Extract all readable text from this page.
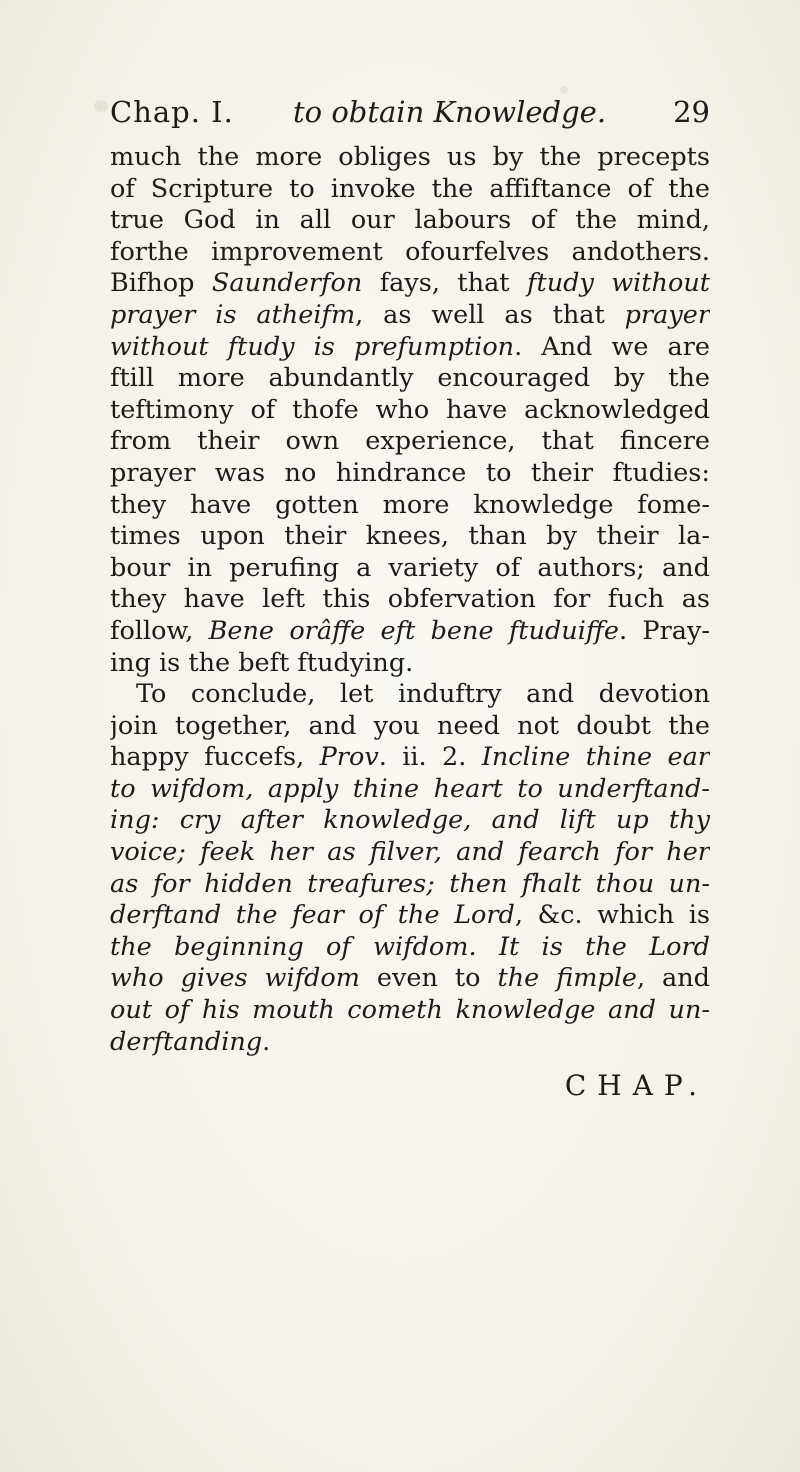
Chap. I. to obtain Knowledge. 29
much the more obliges us by the precepts
of Scripture to invoke the affiftance of the
true God in all our labours of the mind,
forthe improvement ofourfelves andothers.
Bifhop Saunderfon fays, that ftudy without
prayer is atheifm, as well as that prayer
without ftudy is prefumption. And we are
ftill more abundantly encouraged by the
teftimony of thofe who have acknowledged
from their own experience, that fincere
prayer was no hindrance to their ftudies:
they have gotten more knowledge fome-
times upon their knees, than by their la-
bour in perufing a variety of authors; and
they have left this obfervation for fuch as
follow, Bene orâffe eft bene ftuduiffe. Pray-
ing is the beft ftudying.
To conclude, let induftry and devotion
join together, and you need not doubt the
happy fuccefs, Prov. ii. 2. Incline thine ear
to wifdom, apply thine heart to underftand-
ing: cry after knowledge, and lift up thy
voice; feek her as filver, and fearch for her
as for hidden treafures; then fhalt thou un-
derftand the fear of the Lord, &c. which is
the beginning of wifdom. It is the Lord
who gives wifdom even to the fimple, and
out of his mouth cometh knowledge and un-
derftanding.
CHAP.
